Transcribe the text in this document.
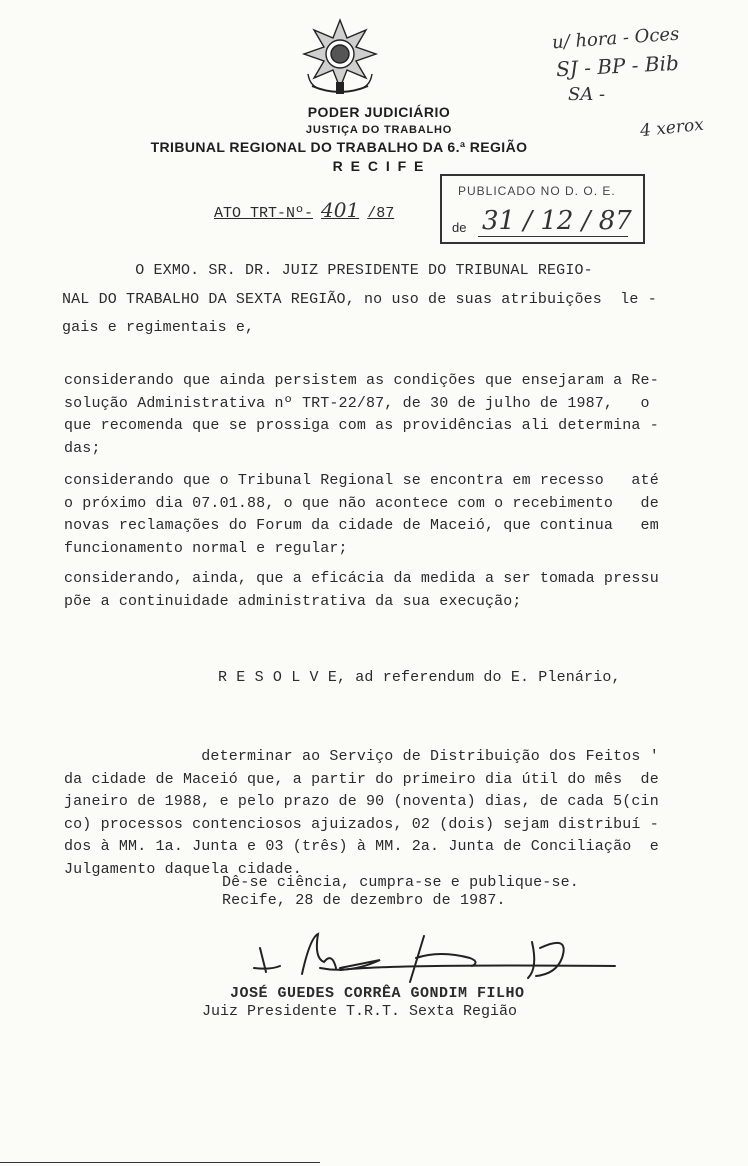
u/ hora - Oces
SJ - BP - Bib
SA -
4 xerox
PODER JUDICIÁRIO
JUSTIÇA DO TRABALHO
TRIBUNAL REGIONAL DO TRABALHO DA 6.ª REGIÃO
R E C I F E
ATO TRT-Nº- 401 /87
PUBLICADO NO D. O. E.
de 31 / 12 / 87
O EXMO. SR. DR. JUIZ PRESIDENTE DO TRIBUNAL REGIO-
NAL DO TRABALHO DA SEXTA REGIÃO, no uso de suas atribuições  le -
gais e regimentais e,
considerando que ainda persistem as condições que ensejaram a Re-
solução Administrativa nº TRT-22/87, de 30 de julho de 1987,   o
que recomenda que se prossiga com as providências ali determina -
das;
considerando que o Tribunal Regional se encontra em recesso   até
o próximo dia 07.01.88, o que não acontece com o recebimento   de
novas reclamações do Forum da cidade de Maceió, que continua   em
funcionamento normal e regular;
considerando, ainda, que a eficácia da medida a ser tomada pressu
põe a continuidade administrativa da sua execução;
R E S O L V E, ad referendum do E. Plenário,
determinar ao Serviço de Distribuição dos Feitos '
da cidade de Maceió que, a partir do primeiro dia útil do mês  de
janeiro de 1988, e pelo prazo de 90 (noventa) dias, de cada 5(cin
co) processos contenciosos ajuizados, 02 (dois) sejam distribuí -
dos à MM. 1a. Junta e 03 (três) à MM. 2a. Junta de Conciliação  e
Julgamento daquela cidade.
Dê-se ciência, cumpra-se e publique-se.
Recife, 28 de dezembro de 1987.
JOSÉ GUEDES CORRÊA GONDIM FILHO
Juiz Presidente T.R.T. Sexta Região
